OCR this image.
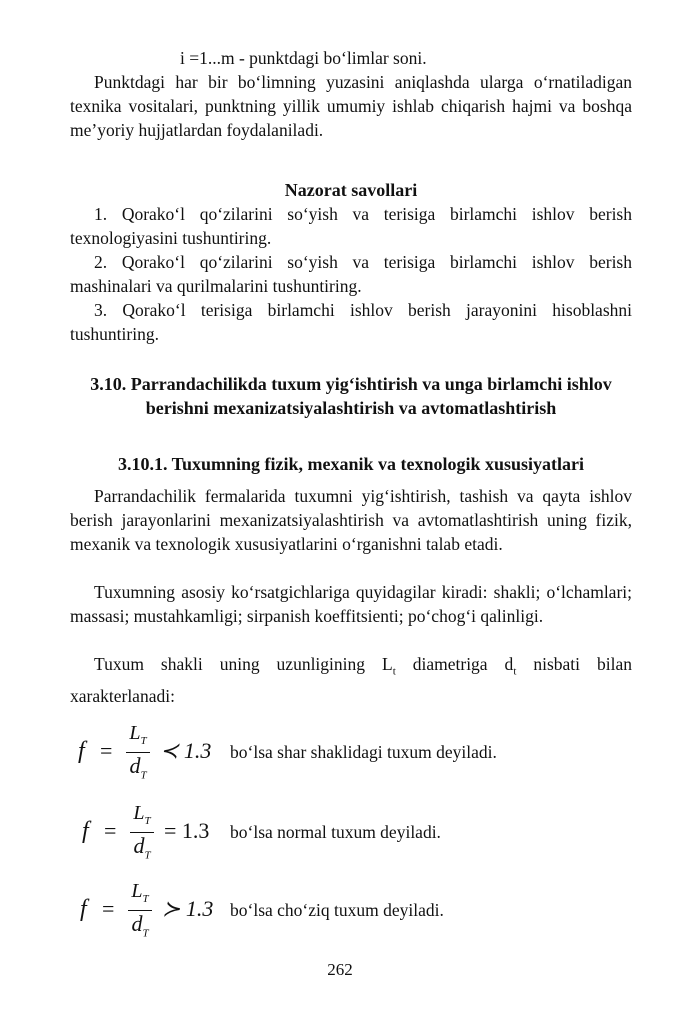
i =1...m - punktdagi bo‘limlar soni.
Punktdagi har bir bo‘limning yuzasini aniqlashda ularga o‘rnatiladigan texnika vositalari, punktning yillik umumiy ishlab chiqarish hajmi va boshqa me’yoriy hujjatlardan foydalaniladi.
Nazorat savollari
1. Qorako‘l qo‘zilarini so‘yish va terisiga birlamchi ishlov berish texnologiyasini tushuntiring.
2. Qorako‘l qo‘zilarini so‘yish va terisiga birlamchi ishlov berish mashinalari va qurilmalarini tushuntiring.
3. Qorako‘l terisiga birlamchi ishlov berish jarayonini hisoblashni tushuntiring.
3.10. Parrandachilikda tuxum yig‘ishtirish va unga birlamchi ishlov berishni mexanizatsiyalashtirish va avtomatlashtirish
3.10.1. Tuxumning fizik, mexanik va texnologik xususiyatlari
Parrandachilik fermalarida tuxumni yig‘ishtirish, tashish va qayta ishlov berish jarayonlarini mexanizatsiyalashtirish va avtomatlashtirish uning fizik, mexanik va texnologik xususiyatlarini o‘rganishni talab etadi.
Tuxumning asosiy ko‘rsatgichlariga quyidagilar kiradi: shakli; o‘lchamlari; massasi; mustahkamligi; sirpanish koeffitsienti; po‘chog‘i qalinligi.
Tuxum shakli uning uzunligining $L_t$ diametriga $d_t$ nisbati bilan xarakterlanadi:
f =
$L_T$
$d_T$
≺ 1.3 bo‘lsa shar shaklidagi tuxum deyiladi.
f =
$L_T$
$d_T$
= 1.3 bo‘lsa normal tuxum deyiladi.
f =
$L_T$
$d_T$
≻ 1.3 bo‘lsa cho‘ziq tuxum deyiladi.
262
